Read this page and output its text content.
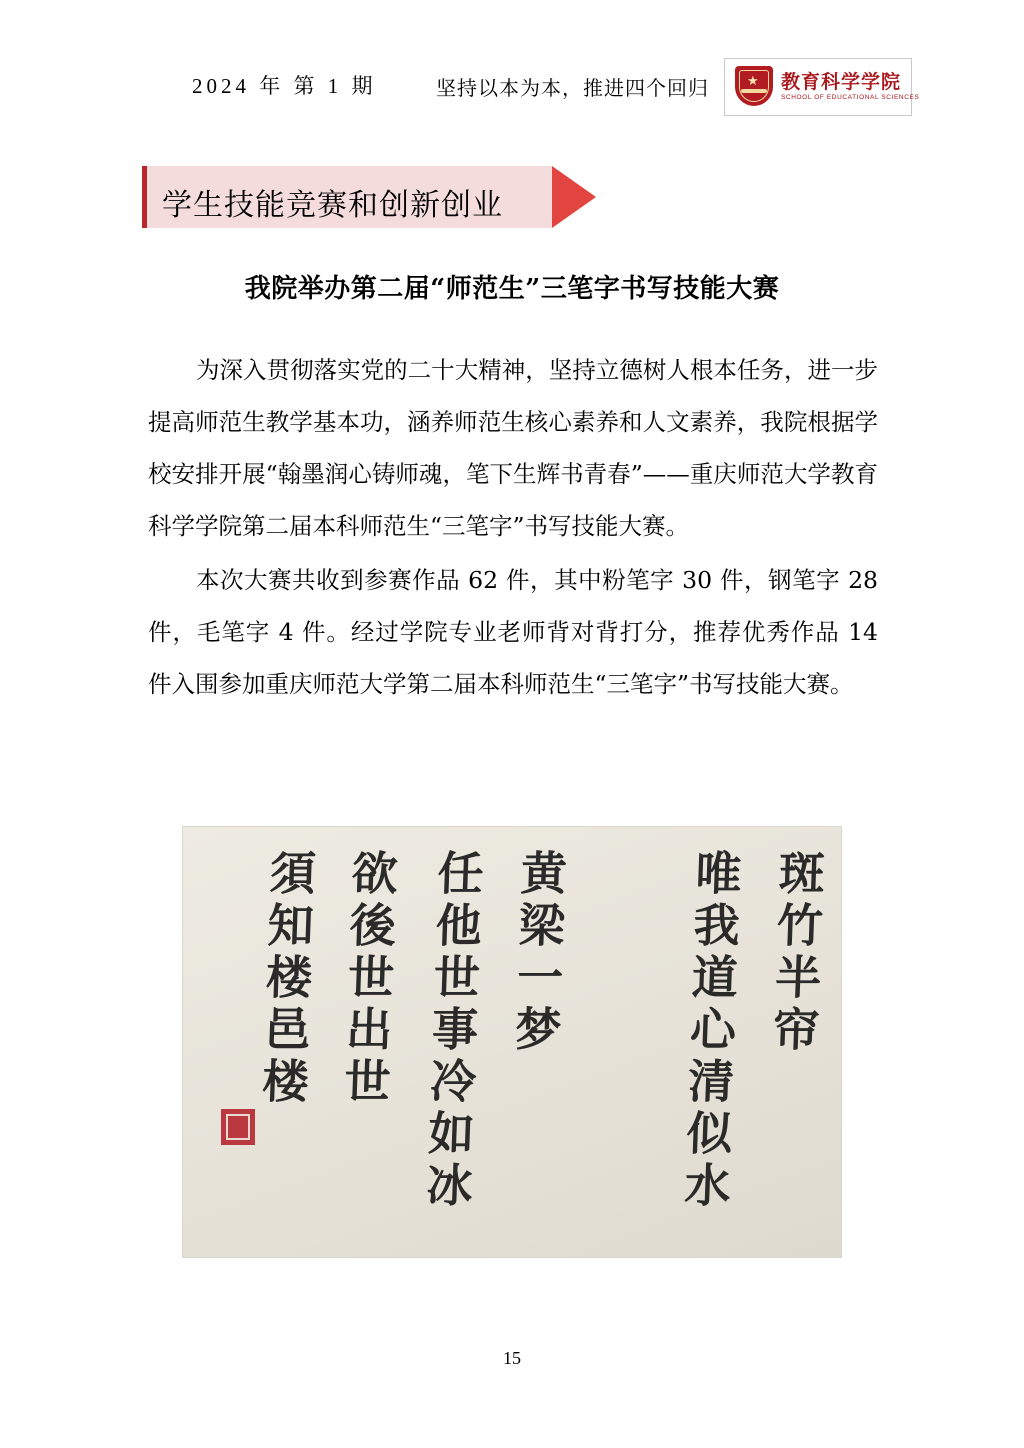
2024 年 第 1 期	坚持以本为本，推进四个回归	★ 教育科学学院
SCHOOL OF EDUCATIONAL SCIENCES
学生技能竞赛和创新创业
我院举办第二届“师范生”三笔字书写技能大赛

为深入贯彻落实党的二十大精神，坚持立德树人根本任务，进一步提高师范生教学基本功，涵养师范生核心素养和人文素养，我院根据学校安排开展“翰墨润心铸师魂，笔下生辉书青春”——重庆师范大学教育科学学院第二届本科师范生“三笔字”书写技能大赛。

本次大赛共收到参赛作品 62 件，其中粉笔字 30 件，钢笔字 28 件，毛笔字 4 件。经过学院专业老师背对背打分，推荐优秀作品 14 件入围参加重庆师范大学第二届本科师范生“三笔字”书写技能大赛。

斑竹半帘
唯我道心清似水
黄梁一梦
任他世事冷如冰
欲後世出世
須知楼邑楼
15
